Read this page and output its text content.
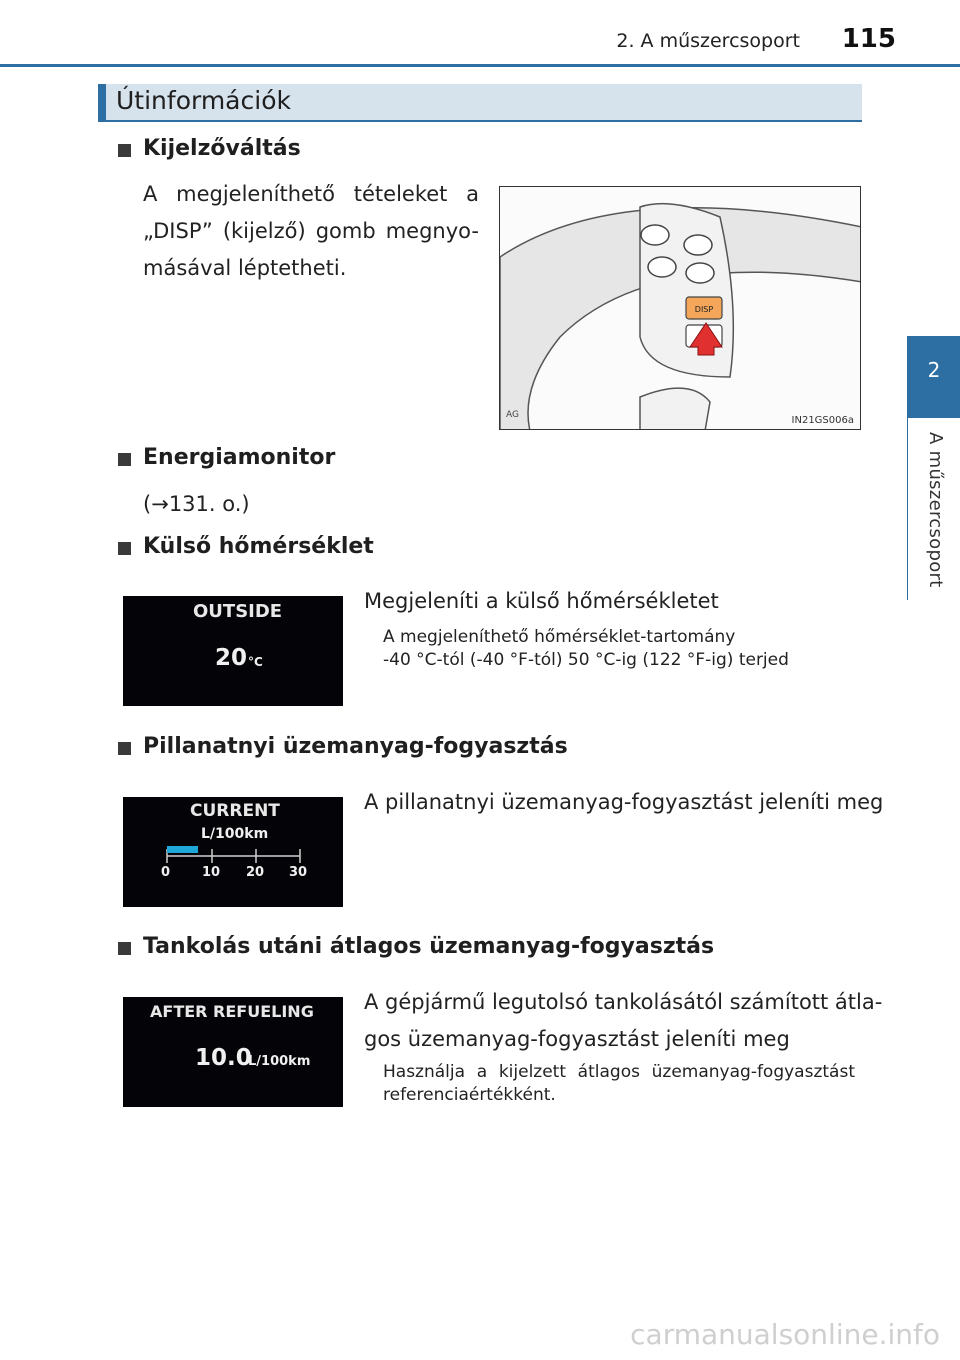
2. A műszercsoport	115
2
A műszercsoport
Útinformációk
Kijelzőváltás
A megjeleníthető tételeket a
„DISP” (kijelző) gomb megnyo-
másával léptetheti.
DISP
AG	IN21GS006a
Energiamonitor
(→131. o.)
Külső hőmérséklet
OUTSIDE
20 °C
Megjeleníti a külső hőmérsékletet
A megjeleníthető hőmérséklet-tartomány
-40 °C-tól (-40 °F-tól) 50 °C-ig (122 °F-ig) terjed
Pillanatnyi üzemanyag-fogyasztás
CURRENT
L/100km
0 10 20 30
A pillanatnyi üzemanyag-fogyasztást jeleníti meg
Tankolás utáni átlagos üzemanyag-fogyasztás
AFTER REFUELING
10.0
L/100km
A gépjármű legutolsó tankolásától számított átla-
gos üzemanyag-fogyasztást jeleníti meg
Használja a kijelzett átlagos üzemanyag-fogyasztást
referenciaértékként.
carmanualsonline.info
